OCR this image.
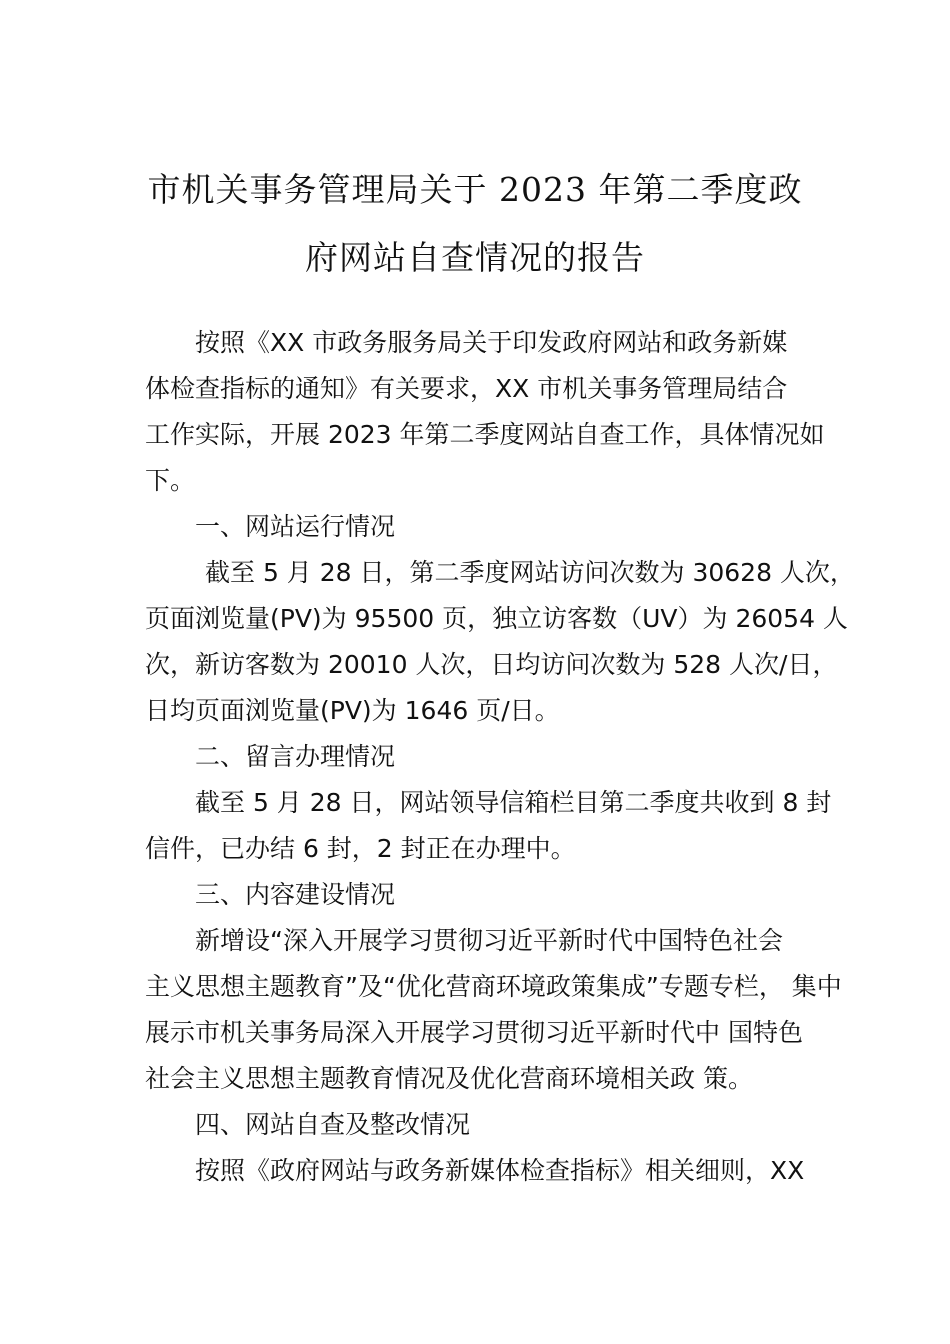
市机关事务管理局关于 2023 年第二季度政
府网站自查情况的报告
按照《XX 市政务服务局关于印发政府网站和政务新媒
体检查指标的通知》有关要求，XX 市机关事务管理局结合
工作实际，开展 2023 年第二季度网站自查工作，具体情况如
下。
一、网站运行情况
截至 5 月 28 日，第二季度网站访问次数为 30628 人次，
页面浏览量(PV)为 95500 页，独立访客数（UV）为 26054 人
次，新访客数为 20010 人次，日均访问次数为 528 人次/日，
日均页面浏览量(PV)为 1646 页/日。
二、留言办理情况
截至 5 月 28 日，网站领导信箱栏目第二季度共收到 8 封
信件，已办结 6 封，2 封正在办理中。
三、内容建设情况
新增设“深入开展学习贯彻习近平新时代中国特色社会
主义思想主题教育”及“优化营商环境政策集成”专题专栏， 集中
展示市机关事务局深入开展学习贯彻习近平新时代中 国特色
社会主义思想主题教育情况及优化营商环境相关政 策。
四、网站自查及整改情况
按照《政府网站与政务新媒体检查指标》相关细则，XX
